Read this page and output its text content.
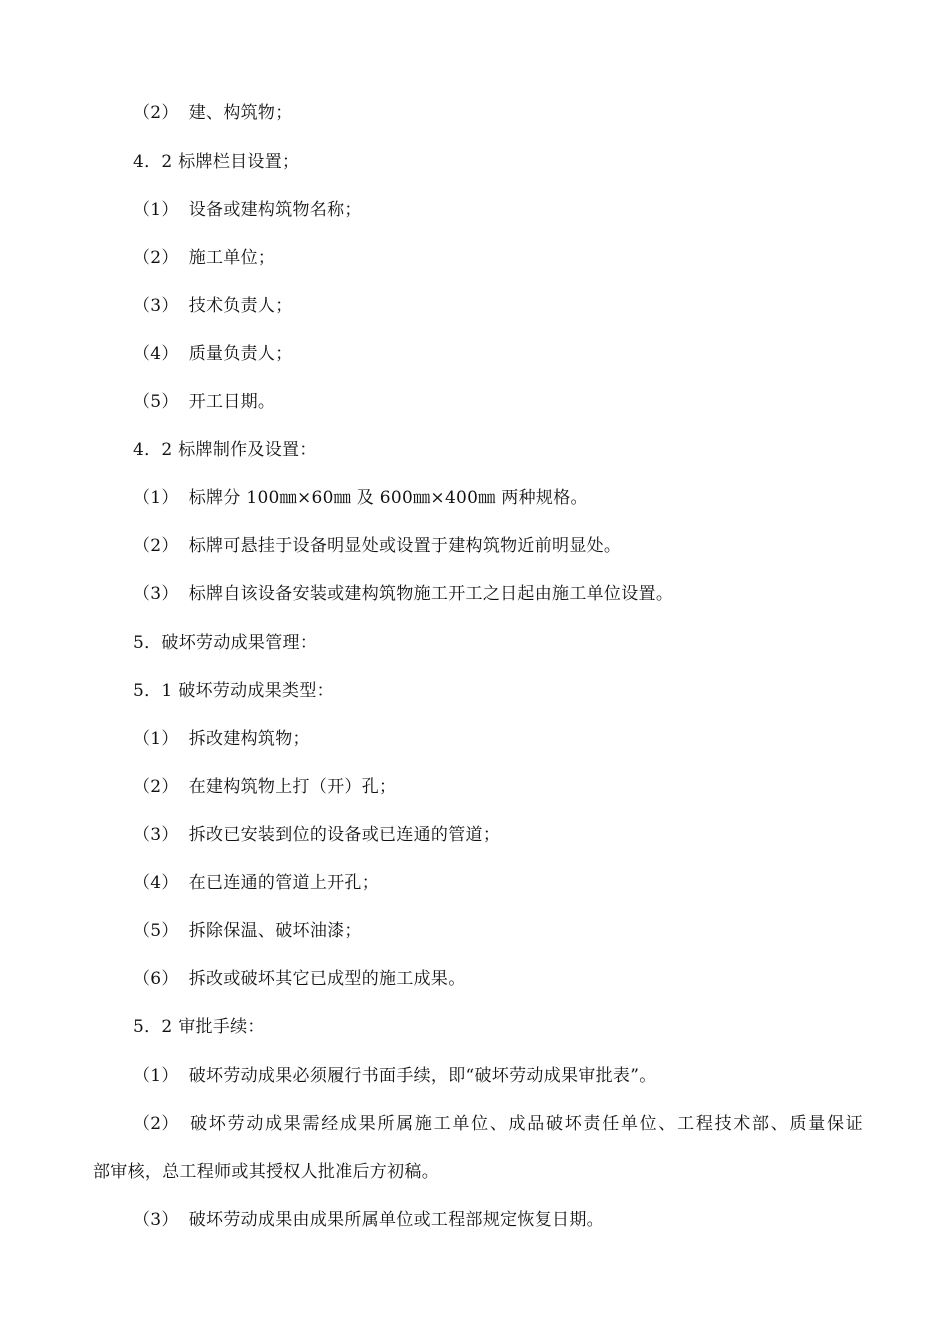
（2） 建、构筑物；
4．2 标牌栏目设置；
（1） 设备或建构筑物名称；
（2） 施工单位；
（3） 技术负责人；
（4） 质量负责人；
（5） 开工日期。
4．2 标牌制作及设置：
（1） 标牌分 100㎜×60㎜ 及 600㎜×400㎜ 两种规格。
（2） 标牌可悬挂于设备明显处或设置于建构筑物近前明显处。
（3） 标牌自该设备安装或建构筑物施工开工之日起由施工单位设置。
5．破坏劳动成果管理：
5．1 破坏劳动成果类型：
（1） 拆改建构筑物；
（2） 在建构筑物上打（开）孔；
（3） 拆改已安装到位的设备或已连通的管道；
（4） 在已连通的管道上开孔；
（5） 拆除保温、破坏油漆；
（6） 拆改或破坏其它已成型的施工成果。
5．2 审批手续：
（1） 破坏劳动成果必须履行书面手续，即“破坏劳动成果审批表”。
（2） 破坏劳动成果需经成果所属施工单位、成品破坏责任单位、工程技术部、质量保证
部审核，总工程师或其授权人批准后方初稿。
（3） 破坏劳动成果由成果所属单位或工程部规定恢复日期。
